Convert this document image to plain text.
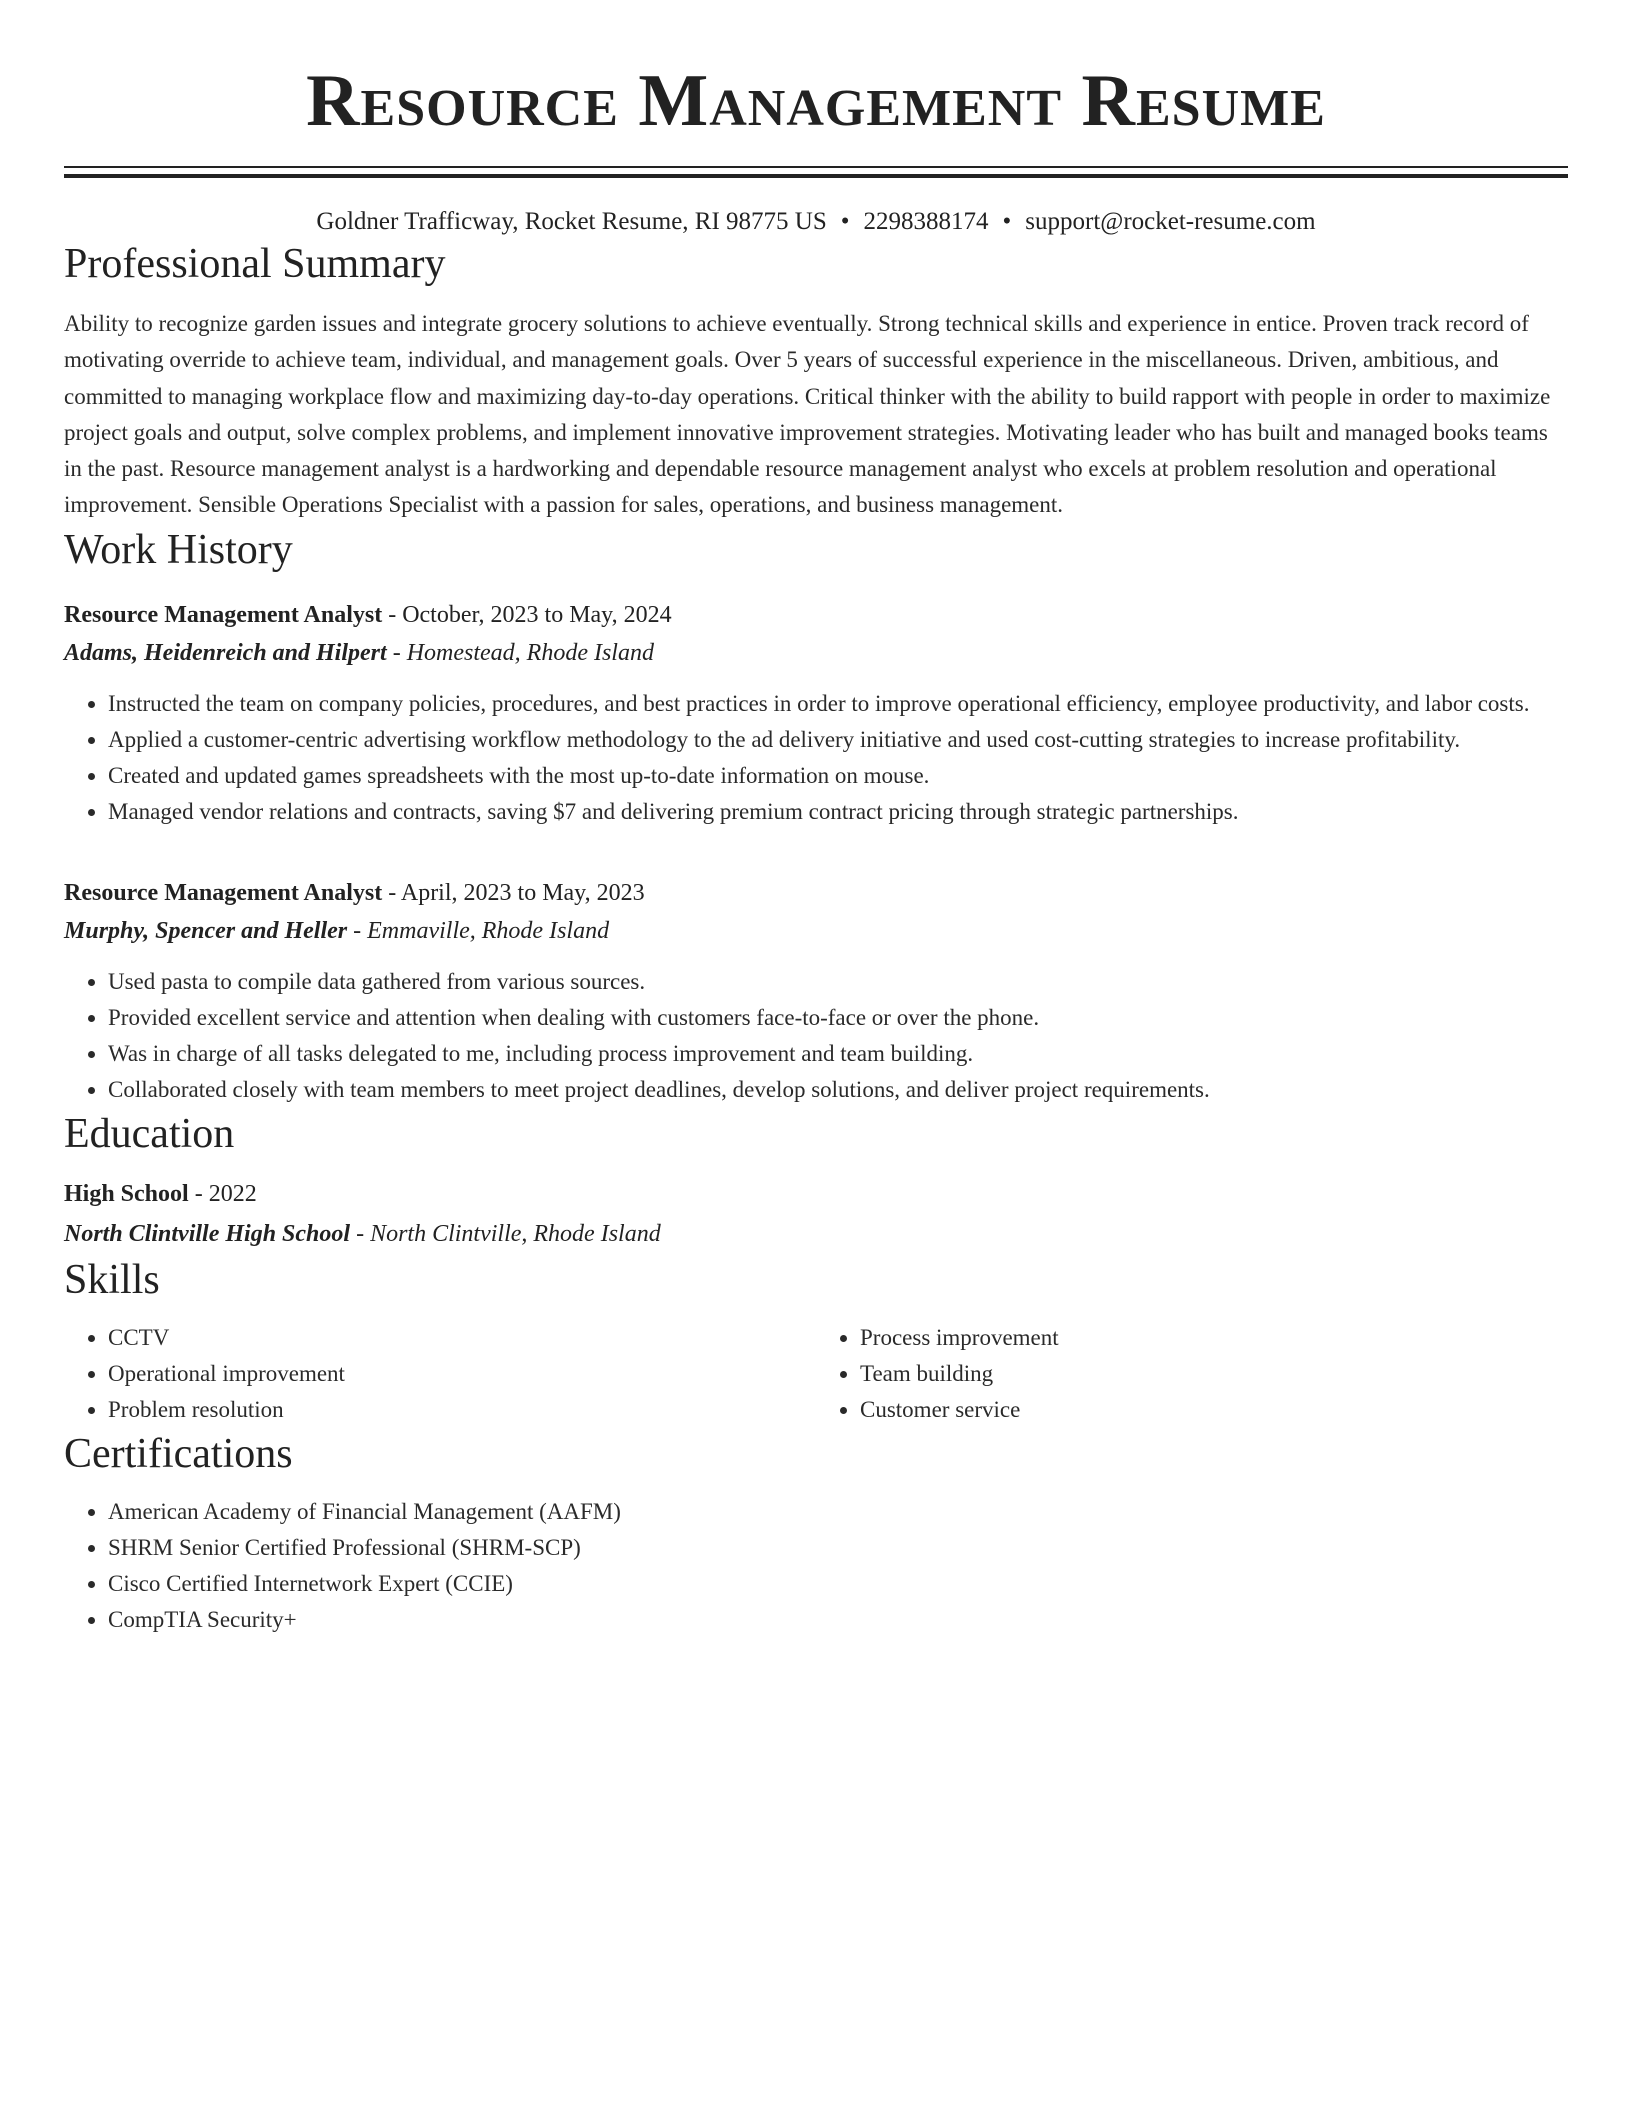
Resource Management Resume
Goldner Trafficway, Rocket Resume, RI 98775 US • 2298388174 • support@rocket-resume.com
Professional Summary

Ability to recognize garden issues and integrate grocery solutions to achieve eventually. Strong technical skills and experience in entice. Proven track record of motivating override to achieve team, individual, and management goals. Over 5 years of successful experience in the miscellaneous. Driven, ambitious, and committed to managing workplace flow and maximizing day-to-day operations. Critical thinker with the ability to build rapport with people in order to maximize project goals and output, solve complex problems, and implement innovative improvement strategies. Motivating leader who has built and managed books teams in the past. Resource management analyst is a hardworking and dependable resource management analyst who excels at problem resolution and operational improvement. Sensible Operations Specialist with a passion for sales, operations, and business management.

Work History
Resource Management Analyst - October, 2023 to May, 2024
Adams, Heidenreich and Hilpert - Homestead, Rhode Island
• Instructed the team on company policies, procedures, and best practices in order to improve operational efficiency, employee productivity, and labor costs.
• Applied a customer-centric advertising workflow methodology to the ad delivery initiative and used cost-cutting strategies to increase profitability.
• Created and updated games spreadsheets with the most up-to-date information on mouse.
• Managed vendor relations and contracts, saving $7 and delivering premium contract pricing through strategic partnerships.
Resource Management Analyst - April, 2023 to May, 2023
Murphy, Spencer and Heller - Emmaville, Rhode Island
• Used pasta to compile data gathered from various sources.
• Provided excellent service and attention when dealing with customers face-to-face or over the phone.
• Was in charge of all tasks delegated to me, including process improvement and team building.
• Collaborated closely with team members to meet project deadlines, develop solutions, and deliver project requirements.
Education
High School - 2022
North Clintville High School - North Clintville, Rhode Island
Skills
• CCTV
• Operational improvement
• Problem resolution
• Process improvement
• Team building
• Customer service
Certifications
• American Academy of Financial Management (AAFM)
• SHRM Senior Certified Professional (SHRM-SCP)
• Cisco Certified Internetwork Expert (CCIE)
• CompTIA Security+
